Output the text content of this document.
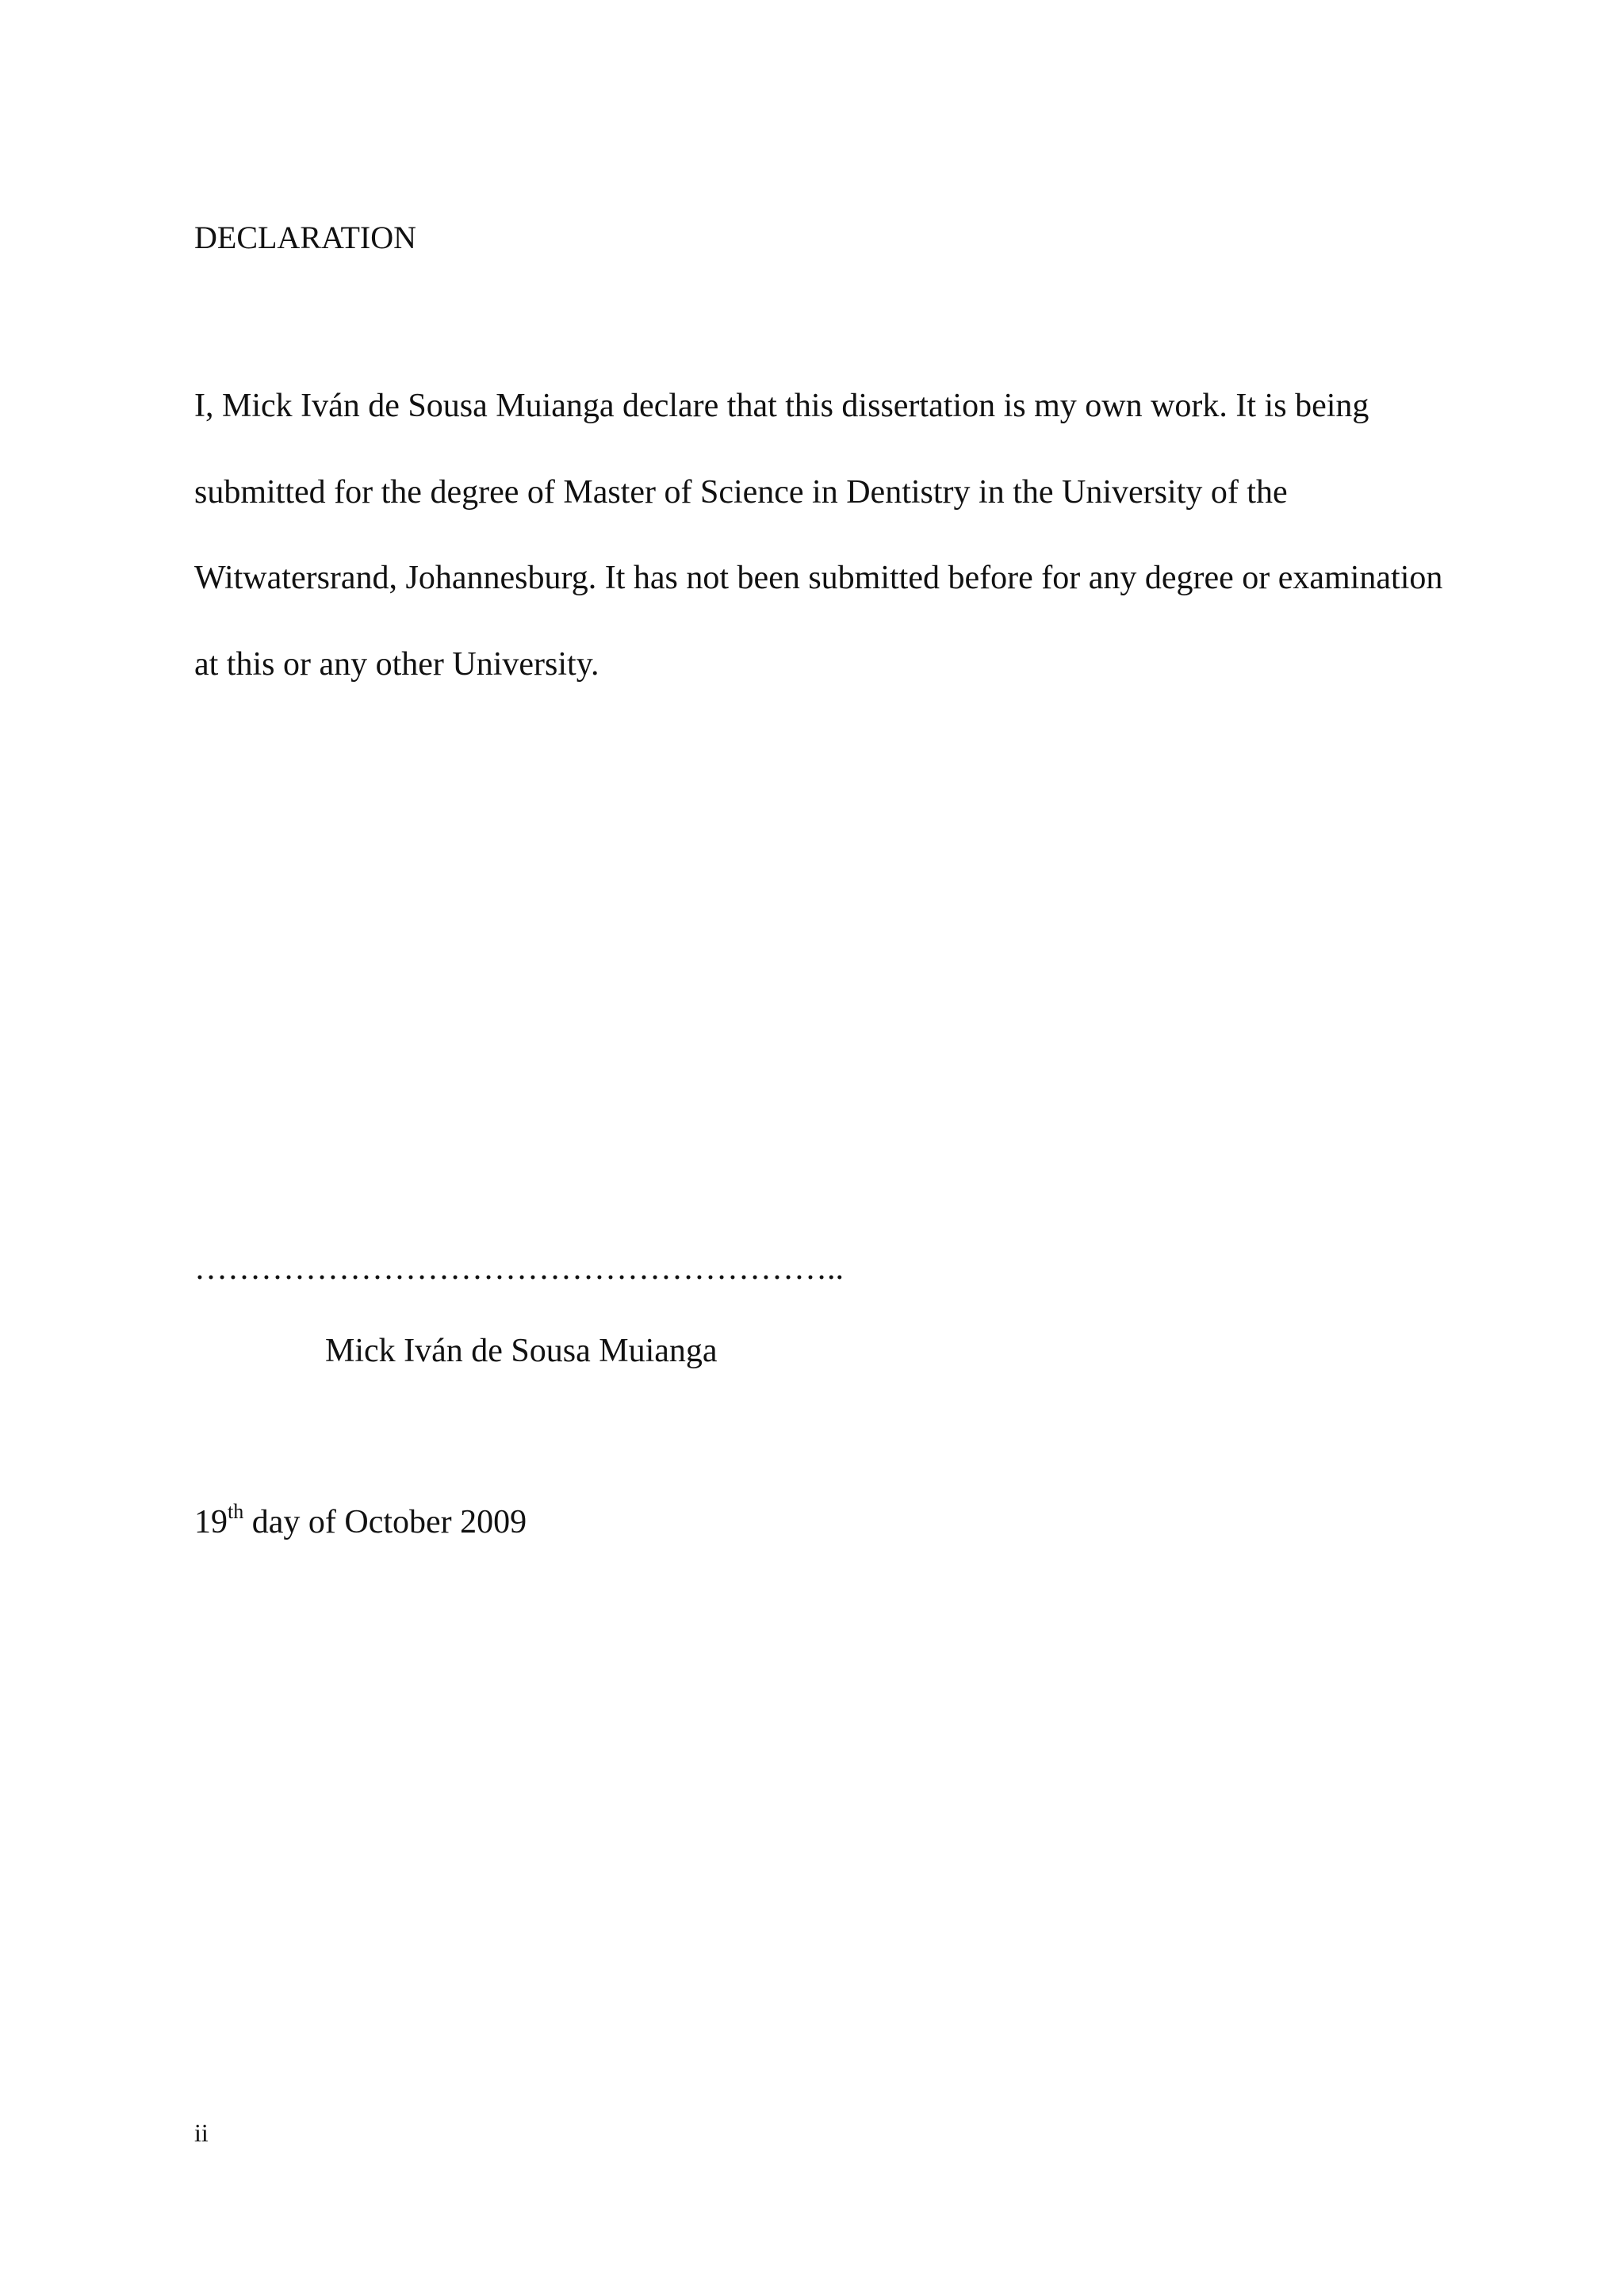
DECLARATION
I, Mick Iván de Sousa Muianga declare that this dissertation is my own work. It is being
submitted for the degree of Master of Science in Dentistry in the University of the
Witwatersrand, Johannesburg. It has not been submitted before for any degree or examination
at this or any other University.
…………………………………………………..
Mick Iván de Sousa Muianga
19th day of October 2009
ii
